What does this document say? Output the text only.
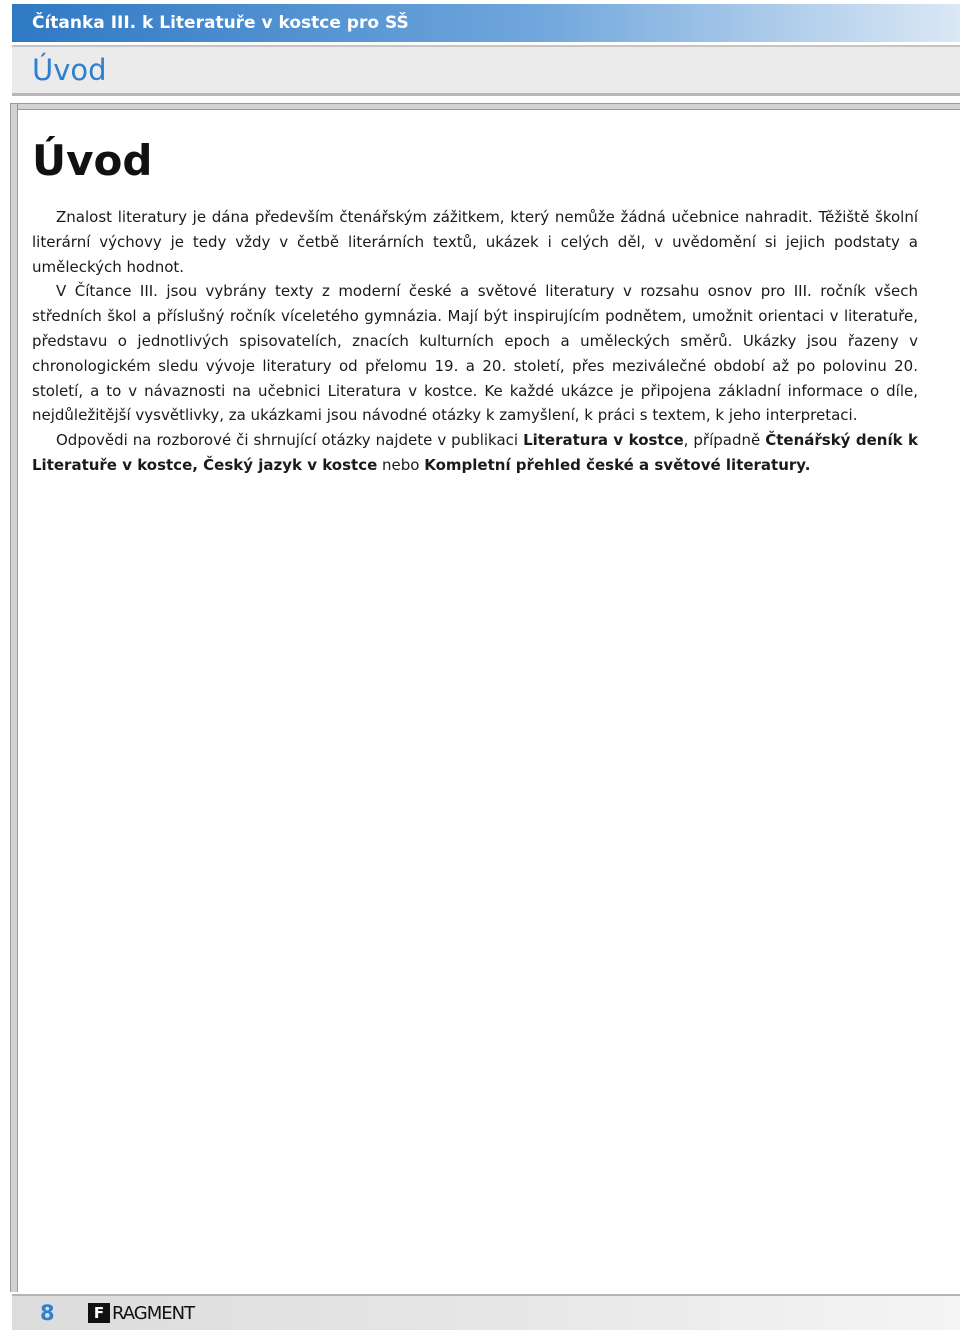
Čítanka III. k Literatuře v kostce pro SŠ
Úvod
Úvod

Znalost literatury je dána především čtenářským zážitkem, který nemůže žádná učebnice nahradit. Těžiště školní literární výchovy je tedy vždy v četbě literárních textů, ukázek i celých děl, v uvědomění si jejich podstaty a uměleckých hodnot.

V Čítance III. jsou vybrány texty z moderní české a světové literatury v rozsahu osnov pro III. ročník všech středních škol a příslušný ročník víceletého gymnázia. Mají být inspirujícím podnětem, umožnit orientaci v literatuře, představu o jednotlivých spisovatelích, znacích kulturních epoch a uměleckých směrů. Ukázky jsou řazeny v chronologickém sledu vývoje literatury od přelomu 19. a 20. století, přes meziválečné období až po polovinu 20. století, a to v návaznosti na učebnici Literatura v kostce. Ke každé ukázce je připojena základní informace o díle, nejdůležitější vysvětlivky, za ukázkami jsou návodné otázky k zamyšlení, k práci s textem, k jeho interpretaci.

Odpovědi na rozborové či shrnující otázky najdete v publikaci Literatura v kostce, případně Čtenářský deník k Literatuře v kostce, Český jazyk v kostce nebo Kompletní přehled české a světové literatury.

8	F RAGMENT
